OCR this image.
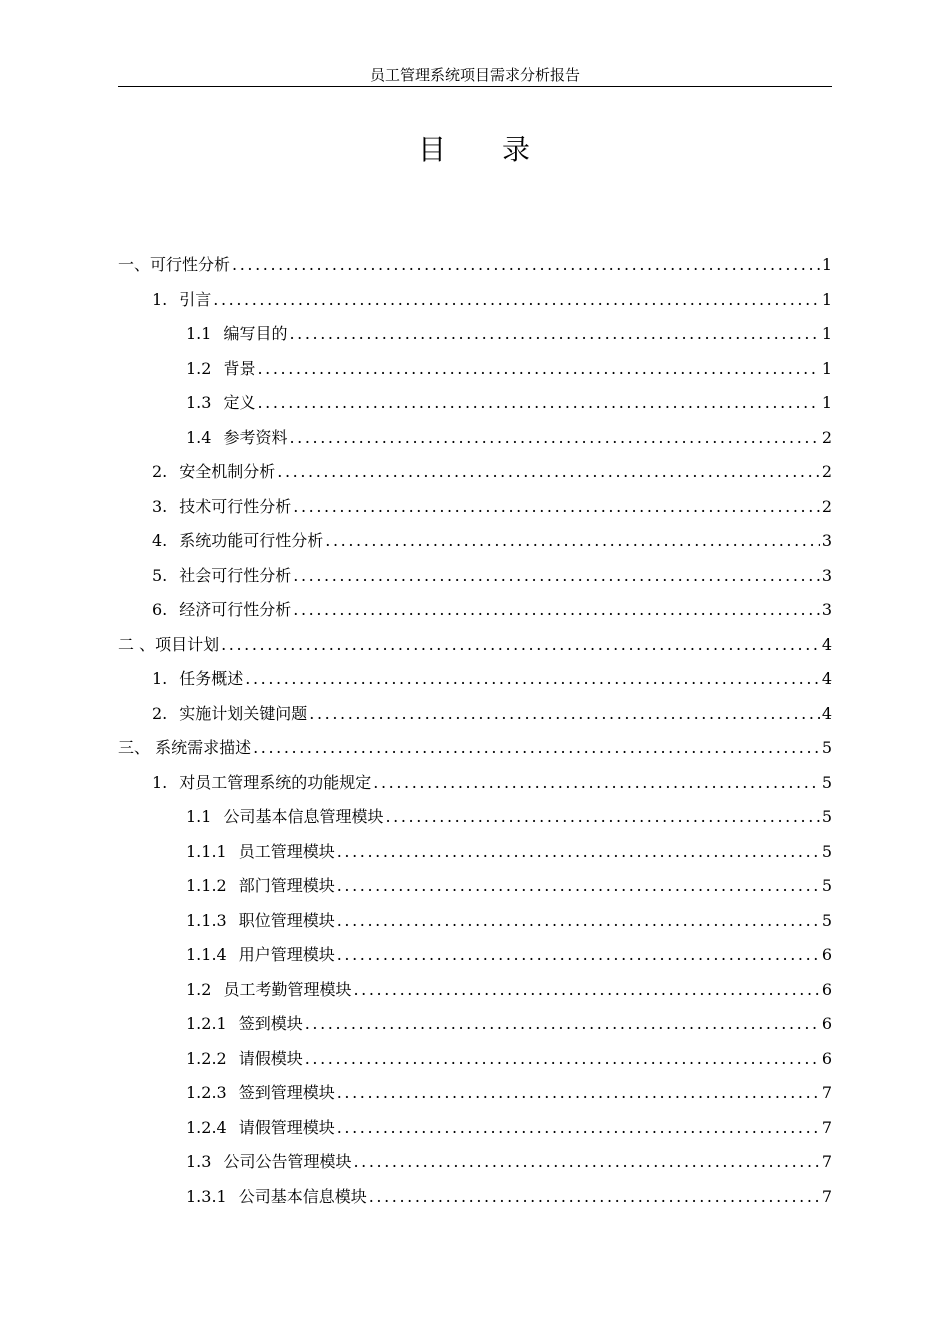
员工管理系统项目需求分析报告
目 录
一、可行性分析 .....	1
1. 引言 .....	1
1.1 编写目的 .....	1
1.2 背景 .....	1
1.3 定义 .....	1
1.4 参考资料 .....	2
2. 安全机制分析 .....	2
3. 技术可行性分析 .....	2
4. 系统功能可行性分析 .....	3
5. 社会可行性分析 .....	3
6. 经济可行性分析 .....	3
二 、项目计划 .....	4
1. 任务概述 .....	4
2. 实施计划关键问题 .....	4
三、 系统需求描述 .....	5
1. 对员工管理系统的功能规定 .....	5
1.1 公司基本信息管理模块 .....	5
1.1.1 员工管理模块 .....	5
1.1.2 部门管理模块 .....	5
1.1.3 职位管理模块 .....	5
1.1.4 用户管理模块 .....	6
1.2 员工考勤管理模块 .....	6
1.2.1 签到模块 .....	6
1.2.2 请假模块 .....	6
1.2.3 签到管理模块 .....	7
1.2.4 请假管理模块 .....	7
1.3 公司公告管理模块 .....	7
1.3.1 公司基本信息模块 .....	7
